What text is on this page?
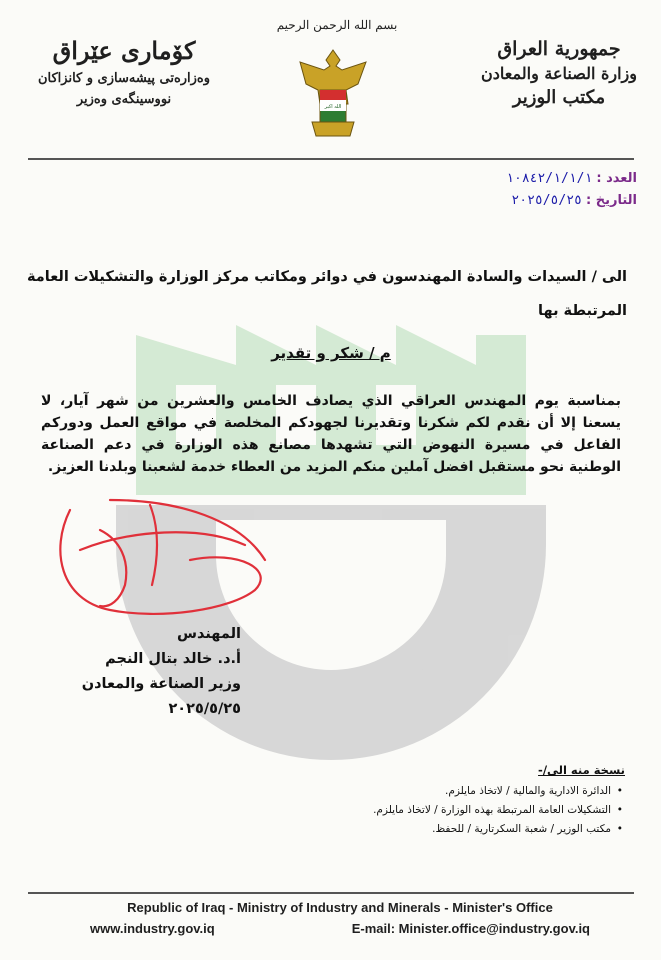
جمهورية العراق
وزارة الصناعة والمعادن
مكتب الوزير
بسم الله الرحمن الرحيم
الله اكبر
كۆماری عێراق
وەزارەتی پیشەسازی و كانزاكان
نووسینگەی وەزیر
العدد : ١٠٨٤٢/١/١/١
التاريخ : ٢٠٢٥/٥/٢٥
الى / السيدات والسادة المهندسون في دوائر ومكاتب مركز الوزارة والتشكيلات العامة المرتبطة بها
م / شكر و تقدير
بمناسبة يوم المهندس العراقي الذي يصادف الخامس والعشرين من شهر آيار، لا يسعنا إلا أن نقدم لكم شكرنا وتقديرنا لجهودكم المخلصة في مواقع العمل ودوركم الفاعل في مسيرة النهوض التي تشهدها مصانع هذه الوزارة في دعم الصناعة الوطنية نحو مستقبل افضل آملين منكم المزيد من العطاء خدمة لشعبنا وبلدنا العزيز.
المهندس
أ.د. خالد بتال النجم
وزير الصناعة والمعادن
٢٠٢٥/٥/٢٥
نسخة منه الى/-
• الدائرة الادارية والمالية / لاتخاذ مايلزم.
• التشكيلات العامة المرتبطة بهذه الوزارة / لاتخاذ مايلزم.
• مكتب الوزير / شعبة السكرتارية / للحفظ.
Republic of Iraq - Ministry of Industry and Minerals - Minister's Office
www.industry.gov.iq	E-mail: Minister.office@industry.gov.iq
